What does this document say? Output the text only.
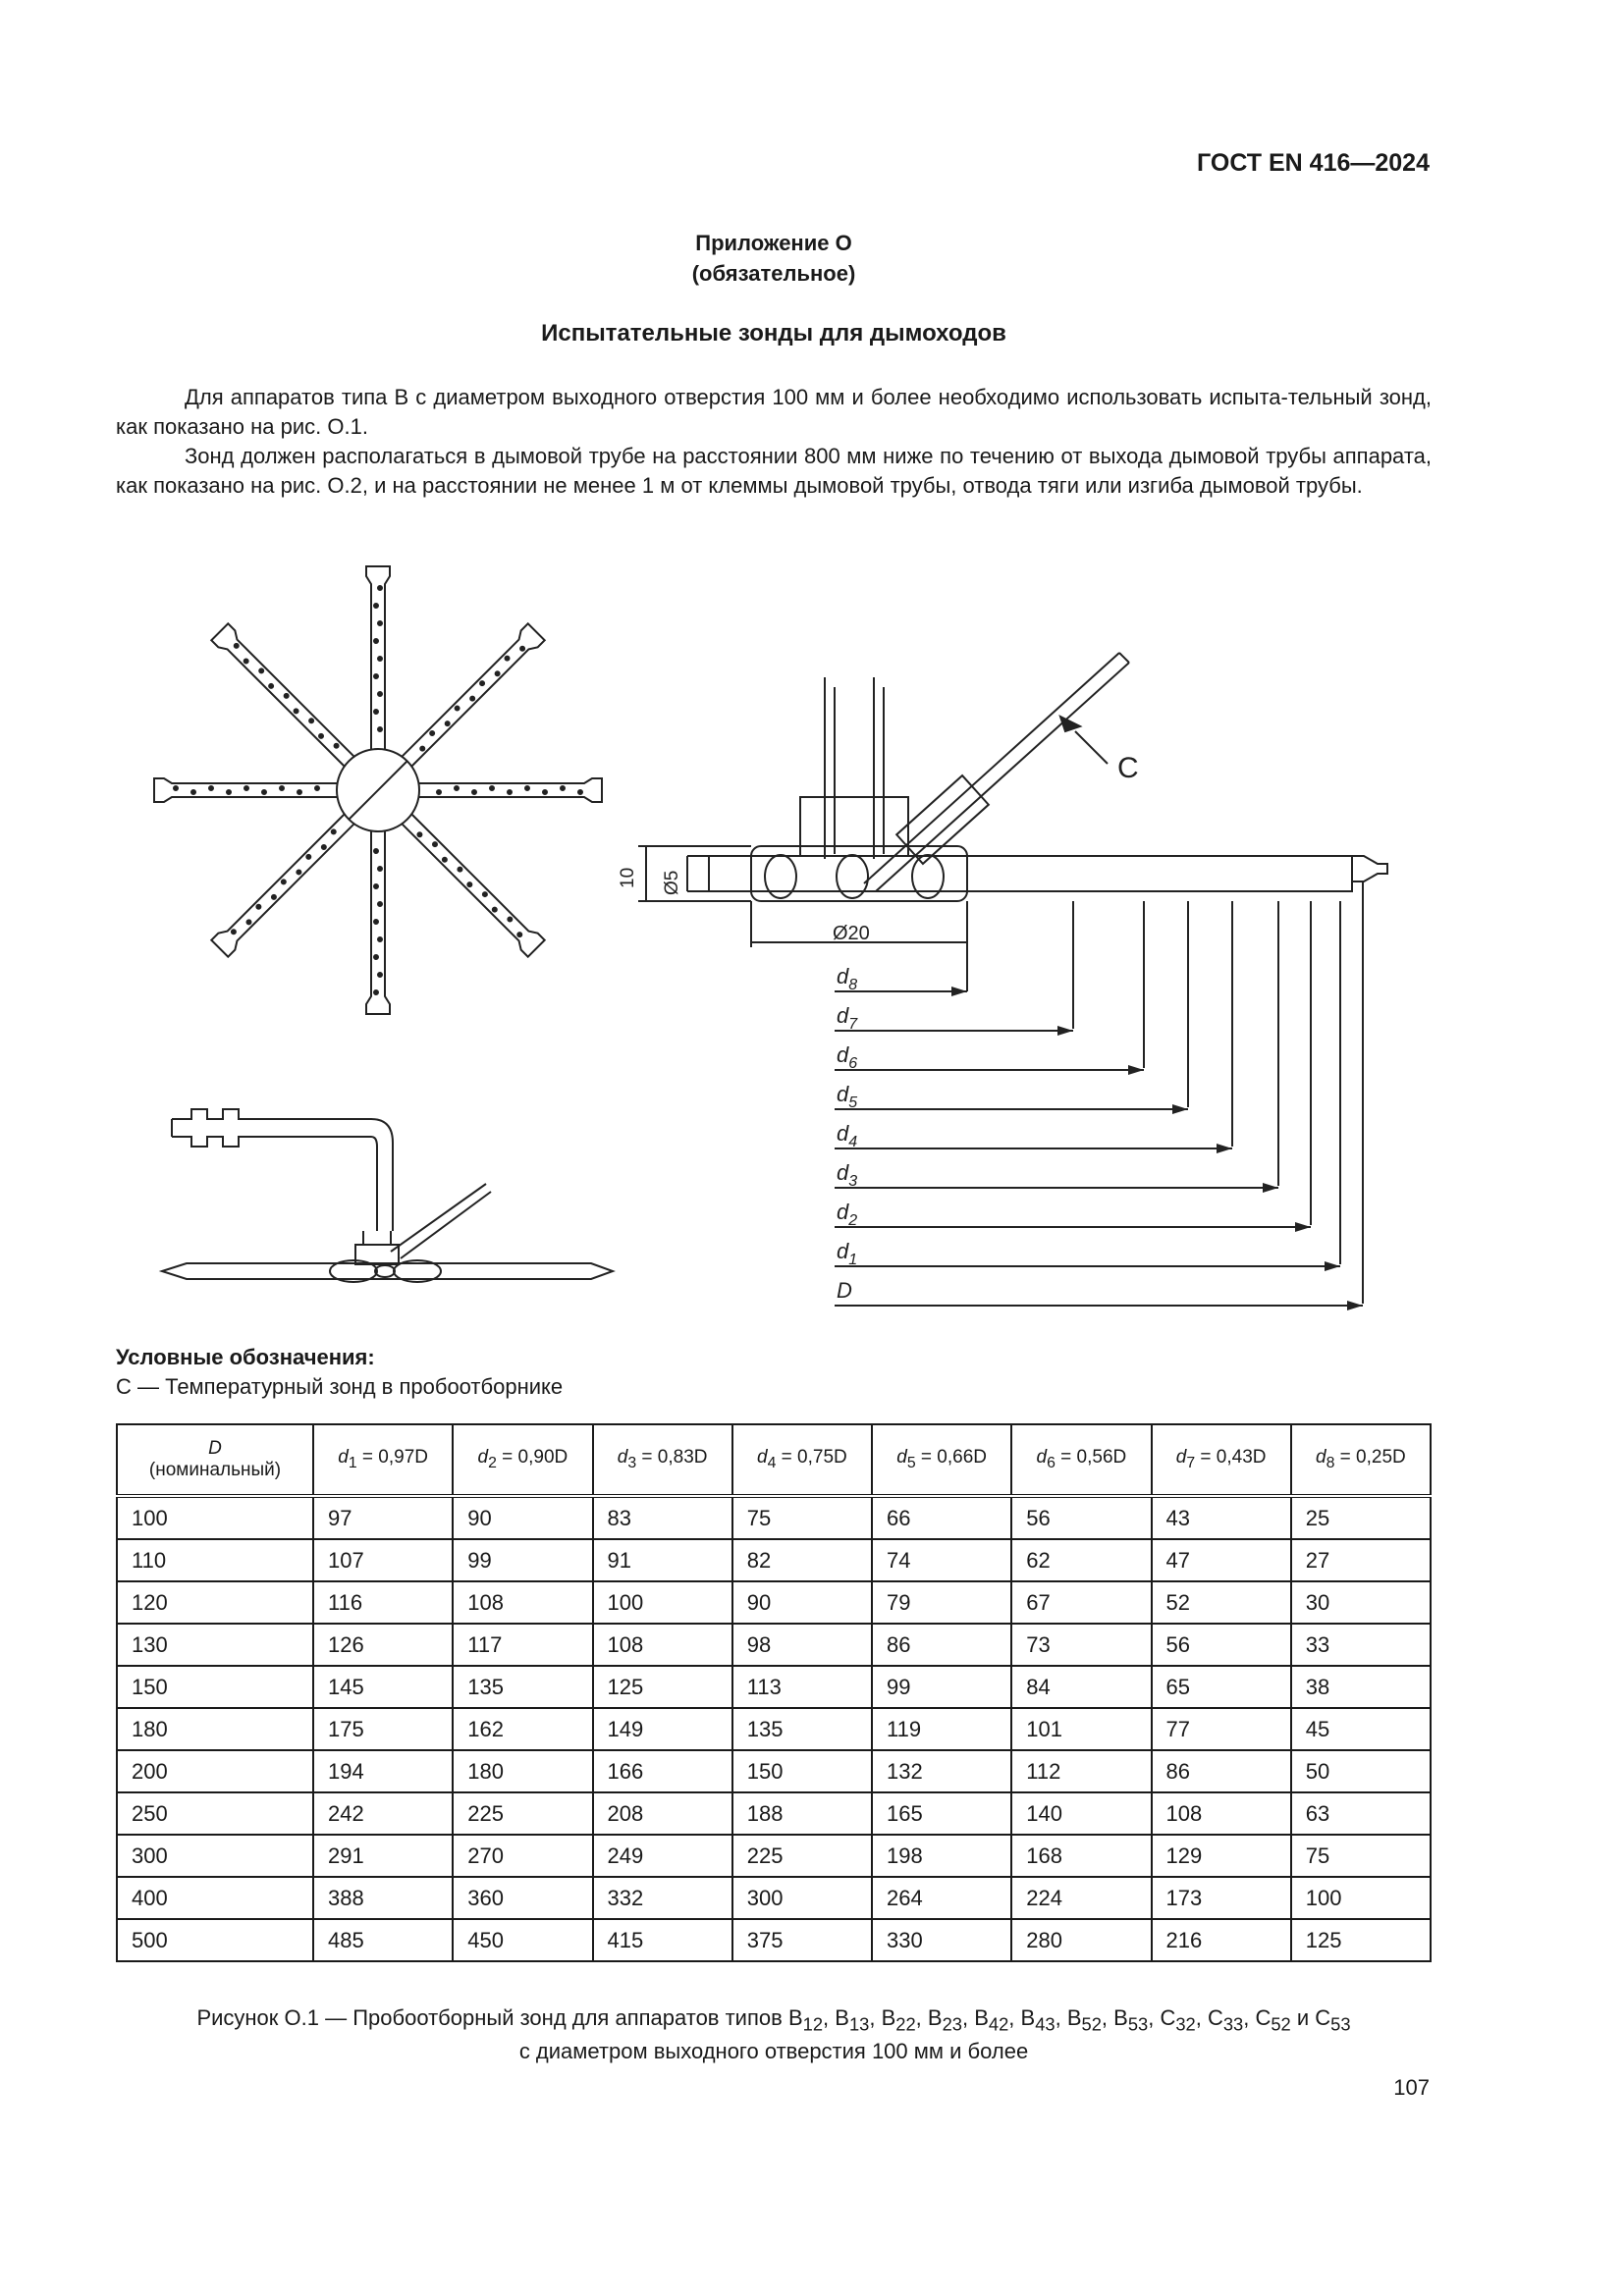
ГОСТ EN 416—2024
Приложение О
(обязательное)
Испытательные зонды для дымоходов

Для аппаратов типа В с диаметром выходного отверстия 100 мм и более необходимо использовать испыта-тельный зонд, как показано на рис. О.1.

Зонд должен располагаться в дымовой трубе на расстоянии 800 мм ниже по течению от выхода дымовой трубы аппарата, как показано на рис. О.2, и на расстоянии не менее 1 м от клеммы дымовой трубы, отвода тяги или изгиба дымовой трубы.

$d_8$
$d_7$
$d_6$
$d_5$
$d_4$
$d_3$
$d_2$
$d_1$
D
С
10 Ø5
Ø20
Условные обозначения:
С — Температурный зонд в пробоотборнике
D
(номинальный)	$d_1 = 0,97D$	$d_2 = 0,90D$	$d_3 = 0,83D$	$d_4 = 0,75D$	$d_5 = 0,66D$	$d_6 = 0,56D$	$d_7 = 0,43D$	$d_8 = 0,25D$
100	97	90	83	75	66	56	43	25
110	107	99	91	82	74	62	47	27
120	116	108	100	90	79	67	52	30
130	126	117	108	98	86	73	56	33
150	145	135	125	113	99	84	65	38
180	175	162	149	135	119	101	77	45
200	194	180	166	150	132	112	86	50
250	242	225	208	188	165	140	108	63
300	291	270	249	225	198	168	129	75
400	388	360	332	300	264	224	173	100
500	485	450	415	375	330	280	216	125
Рисунок О.1 — Пробоотборный зонд для аппаратов типов $B_{12}$, $B_{13}$, $B_{22}$, $B_{23}$, $B_{42}$, $B_{43}$, $B_{52}$, $B_{53}$, $C_{32}$, $C_{33}$, $C_{52}$ и $C_{53}$
с диаметром выходного отверстия 100 мм и более
107
